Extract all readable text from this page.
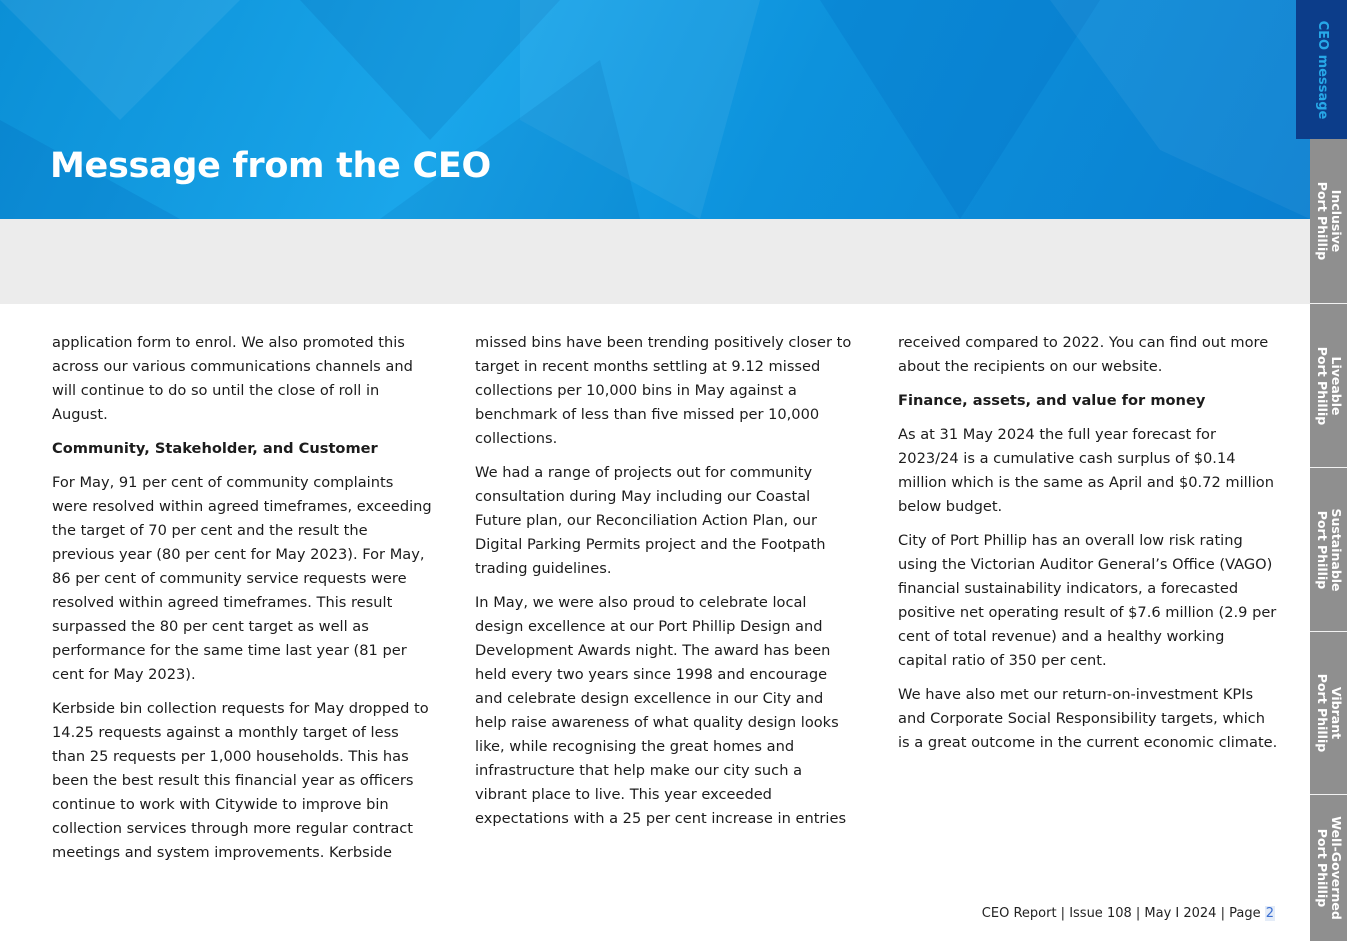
Message from the CEO

application form to enrol. We also promoted this across our various communications channels and will continue to do so until the close of roll in August.

Community, Stakeholder, and Customer

For May, 91 per cent of community complaints were resolved within agreed timeframes, exceeding the target of 70 per cent and the result the previous year (80 per cent for May 2023). For May, 86 per cent of community service requests were resolved within agreed timeframes. This result surpassed the 80 per cent target as well as performance for the same time last year (81 per cent for May 2023).

Kerbside bin collection requests for May dropped to 14.25 requests against a monthly target of less than 25 requests per 1,000 households. This has been the best result this financial year as officers continue to work with Citywide to improve bin collection services through more regular contract meetings and system improvements. Kerbside

missed bins have been trending positively closer to target in recent months settling at 9.12 missed collections per 10,000 bins in May against a benchmark of less than five missed per 10,000 collections.

We had a range of projects out for community consultation during May including our Coastal Future plan, our Reconciliation Action Plan, our Digital Parking Permits project and the Footpath trading guidelines.

In May, we were also proud to celebrate local design excellence at our Port Phillip Design and Development Awards night. The award has been held every two years since 1998 and encourage and celebrate design excellence in our City and help raise awareness of what quality design looks like, while recognising the great homes and infrastructure that help make our city such a vibrant place to live. This year exceeded expectations with a 25 per cent increase in entries

received compared to 2022. You can find out more about the recipients on our website.

Finance, assets, and value for money

As at 31 May 2024 the full year forecast for 2023/24 is a cumulative cash surplus of $0.14 million which is the same as April and $0.72 million below budget.

City of Port Phillip has an overall low risk rating using the Victorian Auditor General’s Office (VAGO) financial sustainability indicators, a forecasted positive net operating result of $7.6 million (2.9 per cent of total revenue) and a healthy working capital ratio of 350 per cent.

We have also met our return-on-investment KPIs and Corporate Social Responsibility targets, which is a great outcome in the current economic climate.

CEO Report | Issue 108 | May I 2024 | Page 2
CEO message
Inclusive
Port Phillip
Liveable
Port Phillip
Sustainable
Port Phillip
Vibrant
Port Phillip
Well-Governed
Port Phillip
